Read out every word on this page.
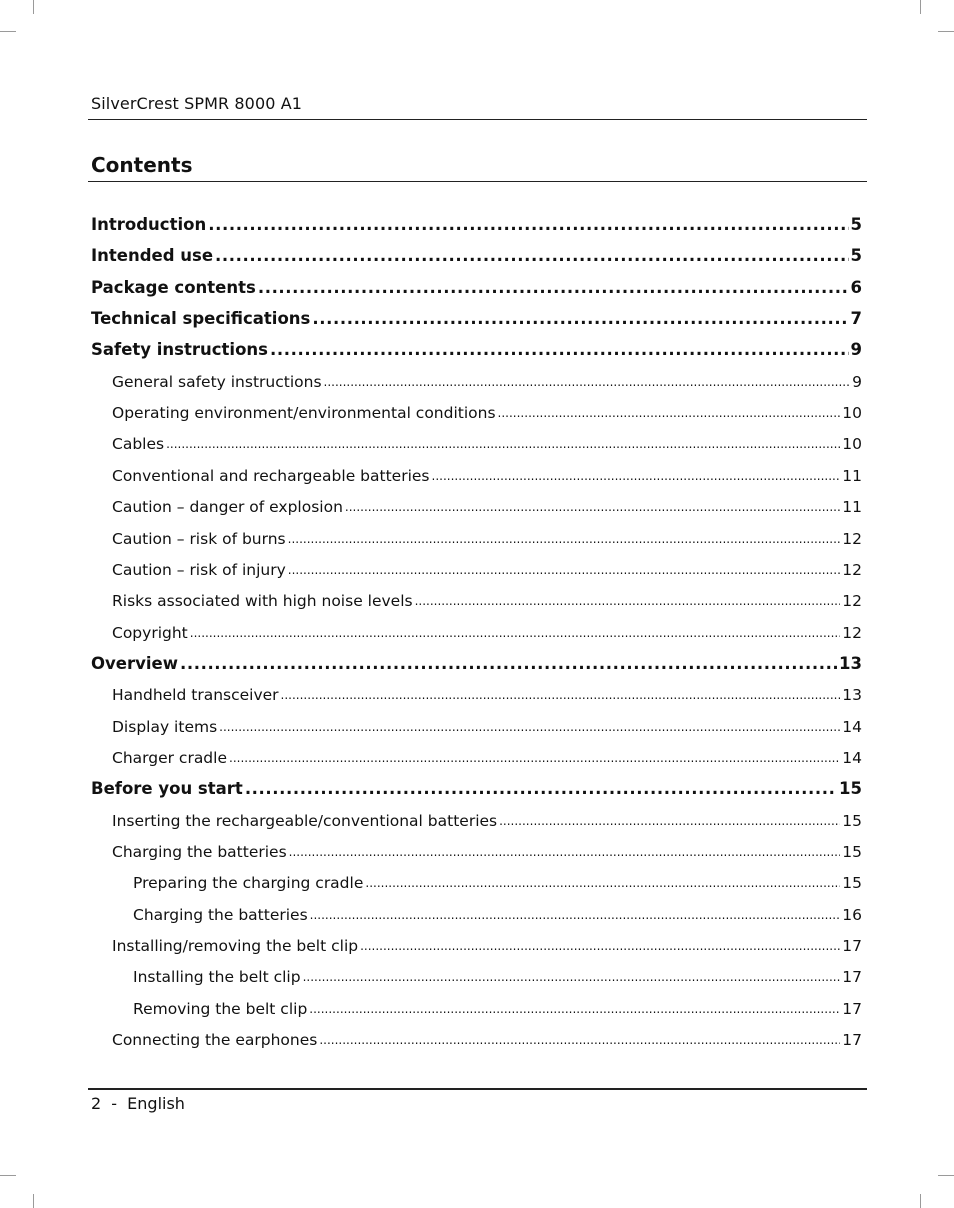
SilverCrest SPMR 8000 A1
Contents
Introduction .....	5
Intended use .....	5
Package contents .....	6
Technical specifications .....	7
Safety instructions .....	9
General safety instructions .....	9
Operating environment/environmental conditions .....	10
Cables .....	10
Conventional and rechargeable batteries .....	11
Caution – danger of explosion .....	11
Caution – risk of burns .....	12
Caution – risk of injury .....	12
Risks associated with high noise levels .....	12
Copyright .....	12
Overview .....	13
Handheld transceiver .....	13
Display items .....	14
Charger cradle .....	14
Before you start .....	15
Inserting the rechargeable/conventional batteries .....	15
Charging the batteries .....	15
Preparing the charging cradle .....	15
Charging the batteries .....	16
Installing/removing the belt clip .....	17
Installing the belt clip .....	17
Removing the belt clip .....	17
Connecting the earphones .....	17
2 - English
